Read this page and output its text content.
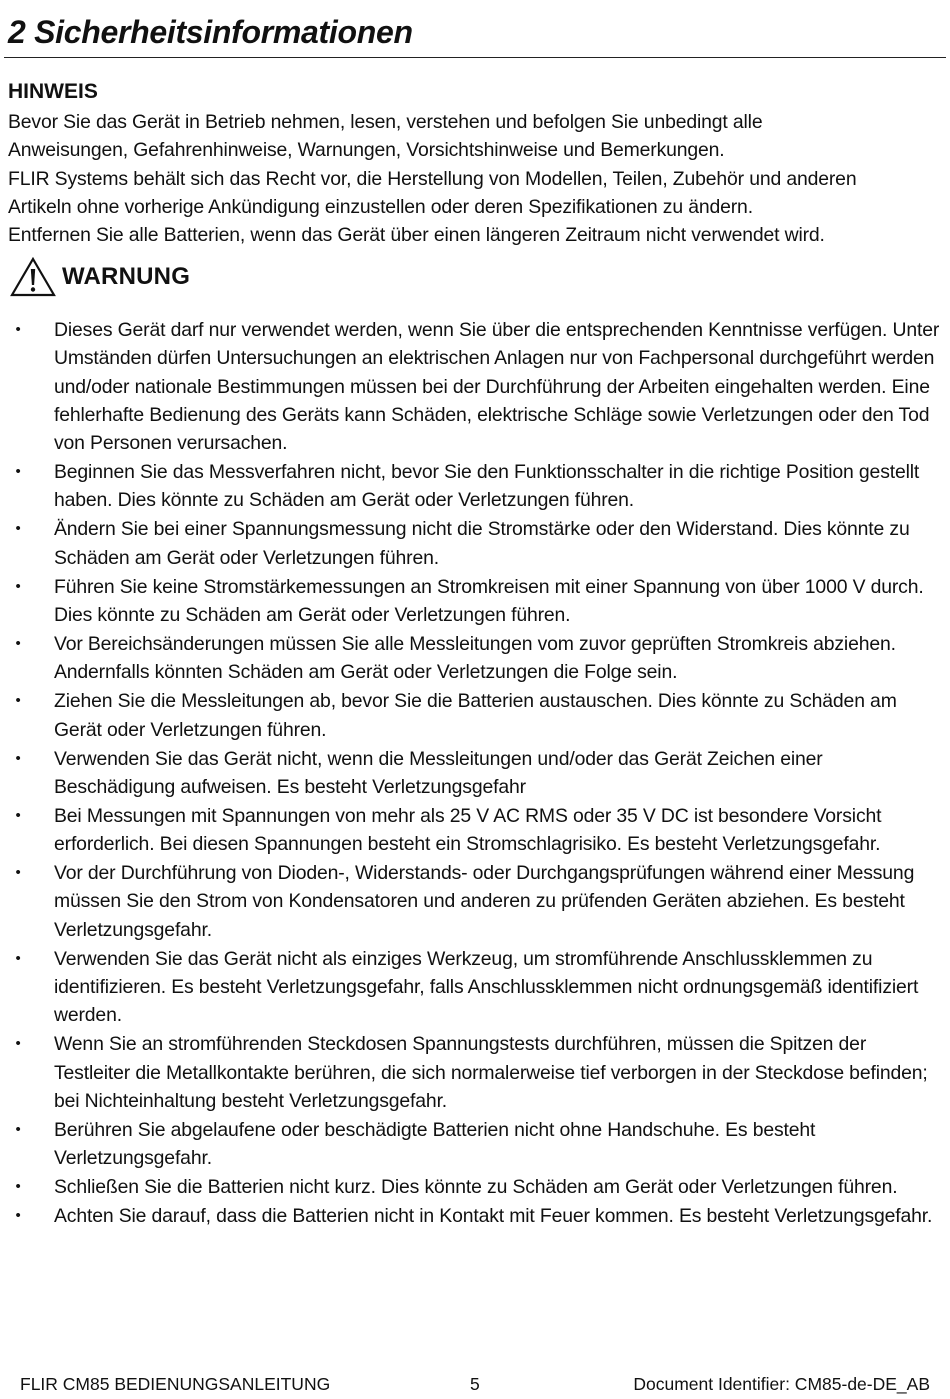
2 Sicherheitsinformationen
HINWEIS

Bevor Sie das Gerät in Betrieb nehmen, lesen, verstehen und befolgen Sie unbedingt alle

Anweisungen, Gefahrenhinweise, Warnungen, Vorsichtshinweise und Bemerkungen.

FLIR Systems behält sich das Recht vor, die Herstellung von Modellen, Teilen, Zubehör und anderen

Artikeln ohne vorherige Ankündigung einzustellen oder deren Spezifikationen zu ändern.

Entfernen Sie alle Batterien, wenn das Gerät über einen längeren Zeitraum nicht verwendet wird.

WARNUNG
• Dieses Gerät darf nur verwendet werden, wenn Sie über die entsprechenden Kenntnisse verfügen. Unter Umständen dürfen Untersuchungen an elektrischen Anlagen nur von Fachpersonal durchgeführt werden und/oder nationale Bestimmungen müssen bei der Durchführung der Arbeiten eingehalten werden. Eine fehlerhafte Bedienung des Geräts kann Schäden, elektrische Schläge sowie Verletzungen oder den Tod von Personen verursachen.
• Beginnen Sie das Messverfahren nicht, bevor Sie den Funktionsschalter in die richtige Position gestellt haben. Dies könnte zu Schäden am Gerät oder Verletzungen führen.
• Ändern Sie bei einer Spannungsmessung nicht die Stromstärke oder den Widerstand. Dies könnte zu Schäden am Gerät oder Verletzungen führen.
• Führen Sie keine Stromstärkemessungen an Stromkreisen mit einer Spannung von über 1000 V durch. Dies könnte zu Schäden am Gerät oder Verletzungen führen.
• Vor Bereichsänderungen müssen Sie alle Messleitungen vom zuvor geprüften Stromkreis abziehen. Andernfalls könnten Schäden am Gerät oder Verletzungen die Folge sein.
• Ziehen Sie die Messleitungen ab, bevor Sie die Batterien austauschen. Dies könnte zu Schäden am Gerät oder Verletzungen führen.
• Verwenden Sie das Gerät nicht, wenn die Messleitungen und/oder das Gerät Zeichen einer Beschädigung aufweisen. Es besteht Verletzungsgefahr
• Bei Messungen mit Spannungen von mehr als 25 V AC RMS oder 35 V DC ist besondere Vorsicht erforderlich. Bei diesen Spannungen besteht ein Stromschlagrisiko. Es besteht Verletzungsgefahr.
• Vor der Durchführung von Dioden-, Widerstands- oder Durchgangsprüfungen während einer Messung müssen Sie den Strom von Kondensatoren und anderen zu prüfenden Geräten abziehen. Es besteht Verletzungsgefahr.
• Verwenden Sie das Gerät nicht als einziges Werkzeug, um stromführende Anschlussklemmen zu identifizieren. Es besteht Verletzungsgefahr, falls Anschlussklemmen nicht ordnungsgemäß identifiziert werden.
• Wenn Sie an stromführenden Steckdosen Spannungstests durchführen, müssen die Spitzen der Testleiter die Metallkontakte berühren, die sich normalerweise tief verborgen in der Steckdose befinden; bei Nichteinhaltung besteht Verletzungsgefahr.
• Berühren Sie abgelaufene oder beschädigte Batterien nicht ohne Handschuhe. Es besteht Verletzungsgefahr.
• Schließen Sie die Batterien nicht kurz. Dies könnte zu Schäden am Gerät oder Verletzungen führen.
• Achten Sie darauf, dass die Batterien nicht in Kontakt mit Feuer kommen. Es besteht Verletzungsgefahr.
FLIR CM85 BEDIENUNGSANLEITUNG	5	Document Identifier: CM85-de-DE_AB
